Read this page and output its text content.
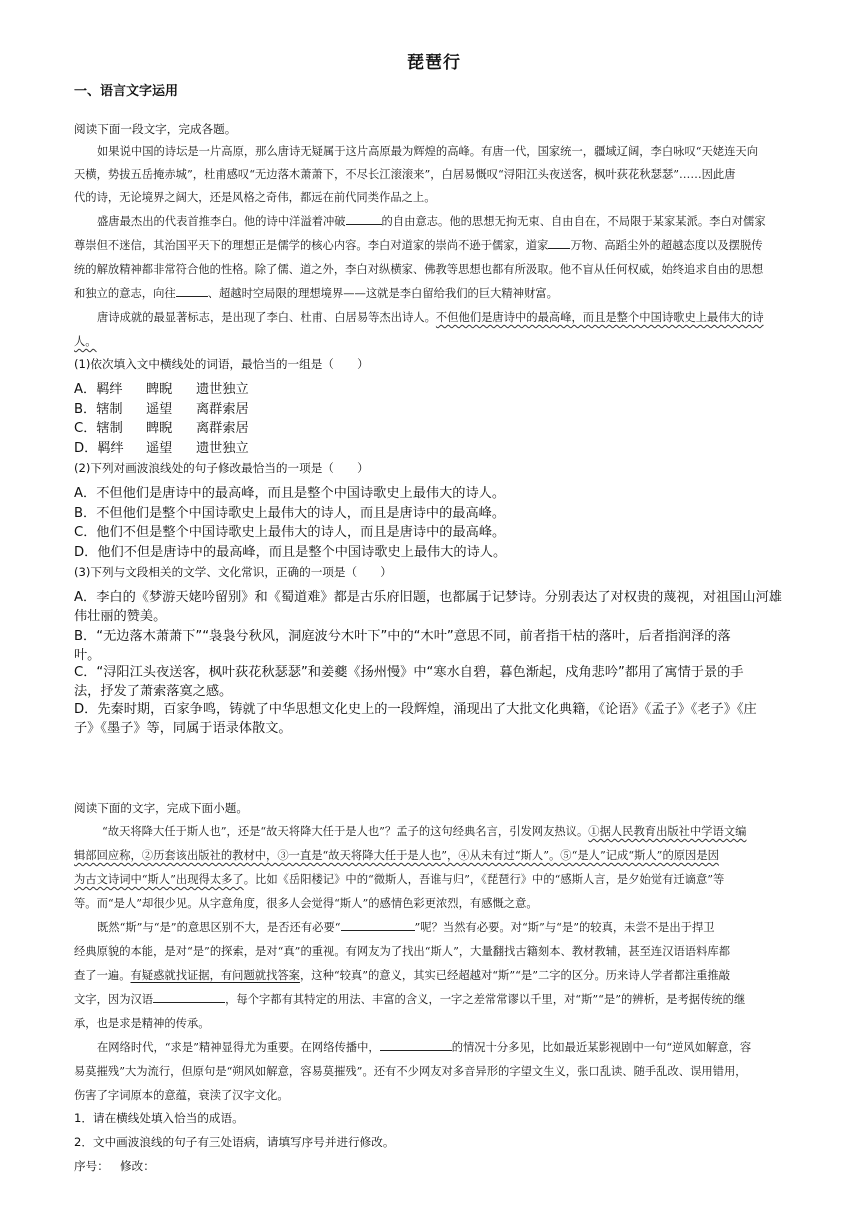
琵琶行
一、语言文字运用
阅读下面一段文字，完成各题。
如果说中国的诗坛是一片高原，那么唐诗无疑属于这片高原最为辉煌的高峰。有唐一代，国家统一，疆域辽阔，李白咏叹“天姥连天向
天横，势拔五岳掩赤城”，杜甫感叹“无边落木萧萧下，不尽长江滚滚来”，白居易慨叹“浔阳江头夜送客，枫叶荻花秋瑟瑟”……因此唐
代的诗，无论境界之阔大，还是风格之奇伟，都远在前代同类作品之上。
盛唐最杰出的代表首推李白。他的诗中洋溢着冲破	的自由意志。他的思想无拘无束、自由自在，不局限于某家某派。李白对儒家
尊崇但不迷信，其治国平天下的理想正是儒学的核心内容。李白对道家的崇尚不逊于儒家，道家 万物、高蹈尘外的超越态度以及摆脱传
统的解放精神都非常符合他的性格。除了儒、道之外，李白对纵横家、佛教等思想也都有所汲取。他不盲从任何权威，始终追求自由的思想
和独立的意志，向往	、超越时空局限的理想境界——这就是李白留给我们的巨大精神财富。
唐诗成就的最显著标志，是出现了李白、杜甫、白居易等杰出诗人。不但他们是唐诗中的最高峰，而且是整个中国诗歌史上最伟大的诗
人。
(1)依次填入文中横线处的词语，最恰当的一组是（　　）
A．羁绊 睥睨 遗世独立
B．辖制 遥望 离群索居
C．辖制 睥睨 离群索居
D．羁绊 遥望 遗世独立
(2)下列对画波浪线处的句子修改最恰当的一项是（　　）
A．不但他们是唐诗中的最高峰，而且是整个中国诗歌史上最伟大的诗人。
B．不但他们是整个中国诗歌史上最伟大的诗人，而且是唐诗中的最高峰。
C．他们不但是整个中国诗歌史上最伟大的诗人，而且是唐诗中的最高峰。
D．他们不但是唐诗中的最高峰，而且是整个中国诗歌史上最伟大的诗人。
(3)下列与文段相关的文学、文化常识，正确的一项是（　　）
A．李白的《梦游天姥吟留别》和《蜀道难》都是古乐府旧题，也都属于记梦诗。分别表达了对权贵的蔑视，对祖国山河雄
伟壮丽的赞美。
B．“无边落木萧萧下”“袅袅兮秋风，洞庭波兮木叶下”中的“木叶”意思不同，前者指干枯的落叶，后者指润泽的落
叶。
C．“浔阳江头夜送客，枫叶荻花秋瑟瑟”和姜夔《扬州慢》中“寒水自碧，暮色渐起，戍角悲吟”都用了寓情于景的手
法，抒发了萧索落寞之感。
D．先秦时期，百家争鸣，铸就了中华思想文化史上的一段辉煌，涌现出了大批文化典籍，《论语》《孟子》《老子》《庄
子》《墨子》等，同属于语录体散文。
阅读下面的文字，完成下面小题。
“故天将降大任于斯人也”，还是“故天将降大任于是人也”？孟子的这句经典名言，引发网友热议。①据人民教育出版社中学语文编
辑部回应称，②历套该出版社的教材中，③一直是“故天将降大任于是人也”，④从未有过“斯人”。⑤“是人”记成“斯人”的原因是因
为古文诗词中“斯人”出现得太多了。比如《岳阳楼记》中的“微斯人，吾谁与归”，《琵琶行》中的“感斯人言，是夕始觉有迁谪意”等
等。而“是人”却很少见。从字意角度，很多人会觉得“斯人”的感情色彩更浓烈，有感慨之意。
既然“斯”与“是”的意思区别不大，是否还有必要“	”呢？当然有必要。对“斯”与“是”的较真，未尝不是出于捍卫
经典原貌的本能，是对“是”的探索，是对“真”的重视。有网友为了找出“斯人”，大量翻找古籍刻本、教材教辅，甚至连汉语语料库都
查了一遍。有疑惑就找证据，有问题就找答案，这种“较真”的意义，其实已经超越对“斯”“是”二字的区分。历来诗人学者都注重推敲
文字，因为汉语	，每个字都有其特定的用法、丰富的含义，一字之差常常谬以千里，对“斯”“是”的辨析，是考据传统的继
承，也是求是精神的传承。
在网络时代，“求是”精神显得尤为重要。在网络传播中，	的情况十分多见，比如最近某影视剧中一句“逆风如解意，容
易莫摧残”大为流行，但原句是“朔风如解意，容易莫摧残”。还有不少网友对多音异形的字望文生义，张口乱读、随手乱改、误用错用，
伤害了字词原本的意蕴，衰渎了汉字文化。
1．请在横线处填入恰当的成语。
2．文中画波浪线的句子有三处语病，请填写序号并进行修改。
序号： 修改：
